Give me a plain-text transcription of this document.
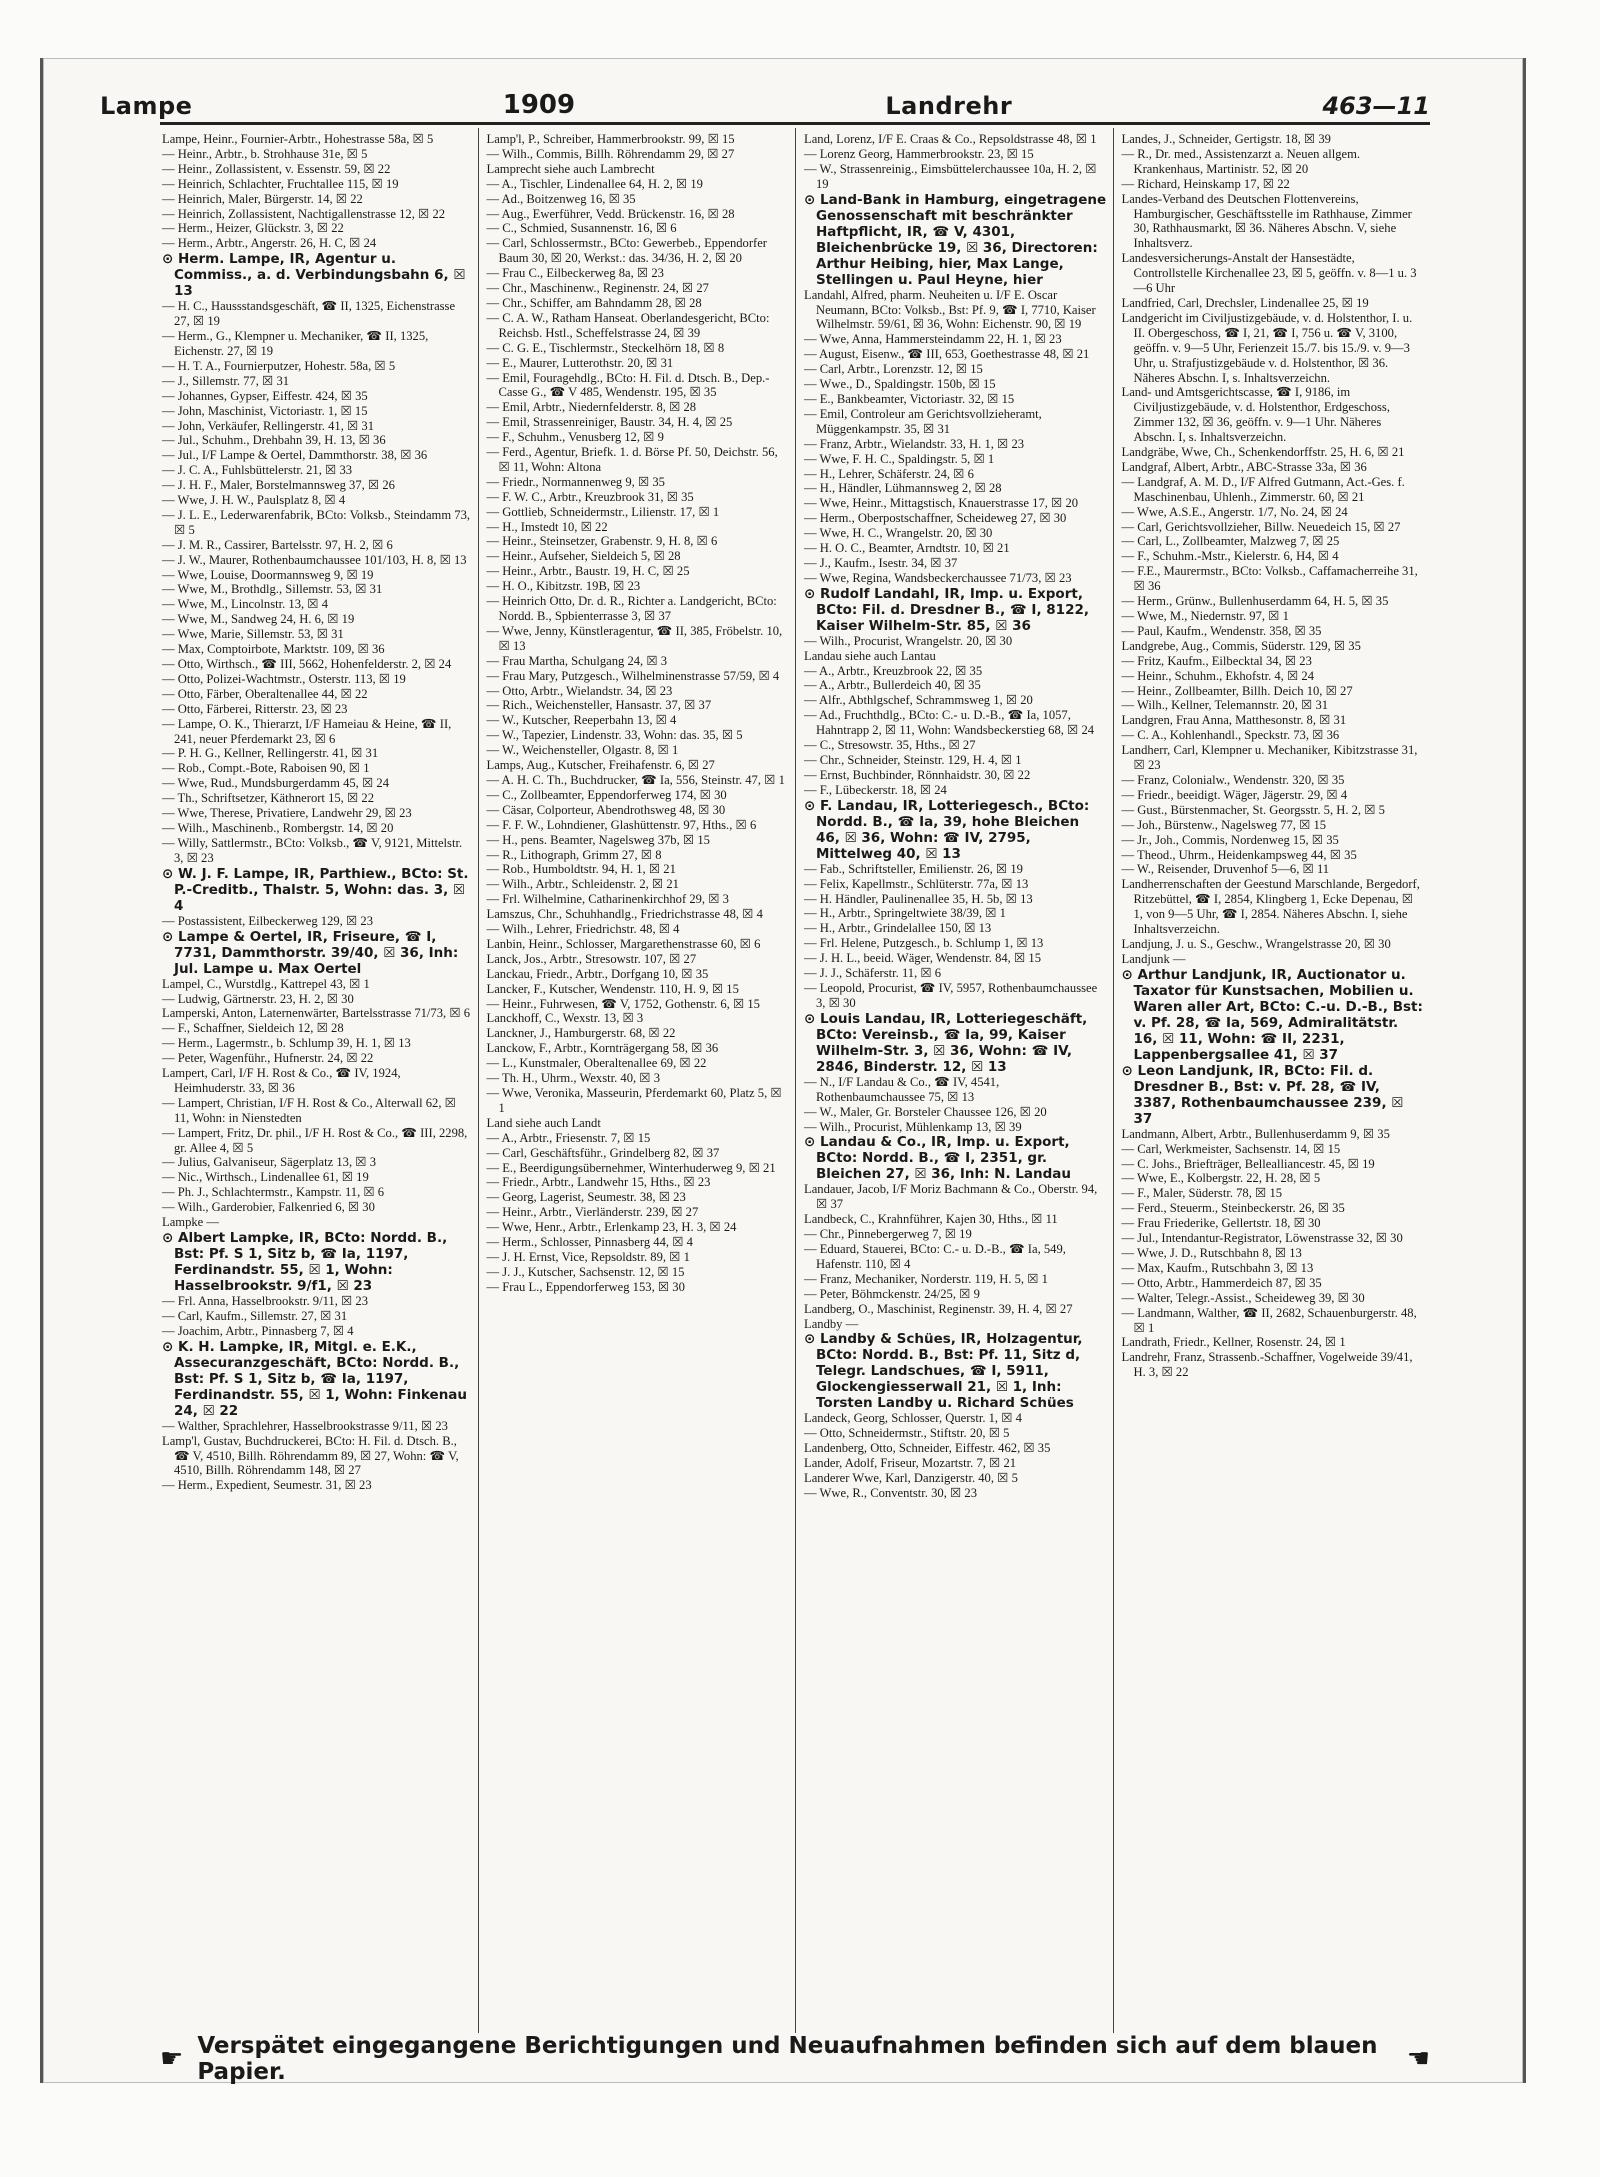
Lampe	1909	Landrehr	463—11
Lampe, Heinr., Fournier-Arbtr., Hohestrasse 58a, ☒ 5
— Heinr., Arbtr., b. Strohhause 31e, ☒ 5
— Heinr., Zollassistent, v. Essenstr. 59, ☒ 22
— Heinrich, Schlachter, Fruchtallee 115, ☒ 19
— Heinrich, Maler, Bürgerstr. 14, ☒ 22
— Heinrich, Zollassistent, Nachtigallenstrasse 12, ☒ 22
— Herm., Heizer, Glückstr. 3, ☒ 22
— Herm., Arbtr., Angerstr. 26, H. C, ☒ 24
⊙ Herm. Lampe, IR, Agentur u. Commiss., a. d. Verbindungsbahn 6, ☒ 13
— H. C., Haussstandsgeschäft, ☎ II, 1325, Eichenstrasse 27, ☒ 19
— Herm., G., Klempner u. Mechaniker, ☎ II, 1325, Eichenstr. 27, ☒ 19
— H. T. A., Fournierputzer, Hohestr. 58a, ☒ 5
— J., Sillemstr. 77, ☒ 31
— Johannes, Gypser, Eiffestr. 424, ☒ 35
— John, Maschinist, Victoriastr. 1, ☒ 15
— John, Verkäufer, Rellingerstr. 41, ☒ 31
— Jul., Schuhm., Drehbahn 39, H. 13, ☒ 36
— Jul., I/F Lampe & Oertel, Dammthorstr. 38, ☒ 36
— J. C. A., Fuhlsbüttelerstr. 21, ☒ 33
— J. H. F., Maler, Borstelmannsweg 37, ☒ 26
— Wwe, J. H. W., Paulsplatz 8, ☒ 4
— J. L. E., Lederwarenfabrik, BCto: Volksb., Steindamm 73, ☒ 5
— J. M. R., Cassirer, Bartelsstr. 97, H. 2, ☒ 6
— J. W., Maurer, Rothenbaumchaussee 101/103, H. 8, ☒ 13
— Wwe, Louise, Doormannsweg 9, ☒ 19
— Wwe, M., Brothdlg., Sillemstr. 53, ☒ 31
— Wwe, M., Lincolnstr. 13, ☒ 4
— Wwe, M., Sandweg 24, H. 6, ☒ 19
— Wwe, Marie, Sillemstr. 53, ☒ 31
— Max, Comptoirbote, Marktstr. 109, ☒ 36
— Otto, Wirthsch., ☎ III, 5662, Hohenfelderstr. 2, ☒ 24
— Otto, Polizei-Wachtmstr., Osterstr. 113, ☒ 19
— Otto, Färber, Oberaltenallee 44, ☒ 22
— Otto, Färberei, Ritterstr. 23, ☒ 23
— Lampe, O. K., Thierarzt, I/F Hameiau & Heine, ☎ II, 241, neuer Pferdemarkt 23, ☒ 6
— P. H. G., Kellner, Rellingerstr. 41, ☒ 31
— Rob., Compt.-Bote, Raboisen 90, ☒ 1
— Wwe, Rud., Mundsburgerdamm 45, ☒ 24
— Th., Schriftsetzer, Käthnerort 15, ☒ 22
— Wwe, Therese, Privatiere, Landwehr 29, ☒ 23
— Wilh., Maschinenb., Rombergstr. 14, ☒ 20
— Willy, Sattlermstr., BCto: Volksb., ☎ V, 9121, Mittelstr. 3, ☒ 23
⊙ W. J. F. Lampe, IR, Parthiew., BCto: St. P.-Creditb., Thalstr. 5, Wohn: das. 3, ☒ 4
— Postassistent, Eilbeckerweg 129, ☒ 23
⊙ Lampe & Oertel, IR, Friseure, ☎ I, 7731, Dammthorstr. 39/40, ☒ 36, Inh: Jul. Lampe u. Max Oertel
Lampel, C., Wurstdlg., Kattrepel 43, ☒ 1
— Ludwig, Gärtnerstr. 23, H. 2, ☒ 30
Lamperski, Anton, Laternenwärter, Bartelsstrasse 71/73, ☒ 6
— F., Schaffner, Sieldeich 12, ☒ 28
— Herm., Lagermstr., b. Schlump 39, H. 1, ☒ 13
— Peter, Wagenführ., Hufnerstr. 24, ☒ 22
Lampert, Carl, I/F H. Rost & Co., ☎ IV, 1924, Heimhuderstr. 33, ☒ 36
— Lampert, Christian, I/F H. Rost & Co., Alterwall 62, ☒ 11, Wohn: in Nienstedten
— Lampert, Fritz, Dr. phil., I/F H. Rost & Co., ☎ III, 2298, gr. Allee 4, ☒ 5
— Julius, Galvaniseur, Sägerplatz 13, ☒ 3
— Nic., Wirthsch., Lindenallee 61, ☒ 19
— Ph. J., Schlachtermstr., Kampstr. 11, ☒ 6
— Wilh., Garderobier, Falkenried 6, ☒ 30
Lampke —
⊙ Albert Lampke, IR, BCto: Nordd. B., Bst: Pf. S 1, Sitz b, ☎ Ia, 1197, Ferdinandstr. 55, ☒ 1, Wohn: Hasselbrookstr. 9/f1, ☒ 23
— Frl. Anna, Hasselbrookstr. 9/11, ☒ 23
— Carl, Kaufm., Sillemstr. 27, ☒ 31
— Joachim, Arbtr., Pinnasberg 7, ☒ 4
⊙ K. H. Lampke, IR, Mitgl. e. E.K., Assecuranzgeschäft, BCto: Nordd. B., Bst: Pf. S 1, Sitz b, ☎ Ia, 1197, Ferdinandstr. 55, ☒ 1, Wohn: Finkenau 24, ☒ 22
— Walther, Sprachlehrer, Hasselbrookstrasse 9/11, ☒ 23
Lamp'l, Gustav, Buchdruckerei, BCto: H. Fil. d. Dtsch. B., ☎ V, 4510, Billh. Röhrendamm 89, ☒ 27, Wohn: ☎ V, 4510, Billh. Röhrendamm 148, ☒ 27
— Herm., Expedient, Seumestr. 31, ☒ 23
Lamp'l, P., Schreiber, Hammerbrookstr. 99, ☒ 15
— Wilh., Commis, Billh. Röhrendamm 29, ☒ 27
Lamprecht siehe auch Lambrecht
— A., Tischler, Lindenallee 64, H. 2, ☒ 19
— Ad., Boitzenweg 16, ☒ 35
— Aug., Ewerführer, Vedd. Brückenstr. 16, ☒ 28
— C., Schmied, Susannenstr. 16, ☒ 6
— Carl, Schlossermstr., BCto: Gewerbeb., Eppendorfer Baum 30, ☒ 20, Werkst.: das. 34/36, H. 2, ☒ 20
— Frau C., Eilbeckerweg 8a, ☒ 23
— Chr., Maschinenw., Reginenstr. 24, ☒ 27
— Chr., Schiffer, am Bahndamm 28, ☒ 28
— C. A. W., Ratham Hanseat. Oberlandesgericht, BCto: Reichsb. Hstl., Scheffelstrasse 24, ☒ 39
— C. G. E., Tischlermstr., Steckelhörn 18, ☒ 8
— E., Maurer, Lutterothstr. 20, ☒ 31
— Emil, Fouragehdlg., BCto: H. Fil. d. Dtsch. B., Dep.-Casse G., ☎ V 485, Wendenstr. 195, ☒ 35
— Emil, Arbtr., Niedernfelderstr. 8, ☒ 28
— Emil, Strassenreiniger, Baustr. 34, H. 4, ☒ 25
— F., Schuhm., Venusberg 12, ☒ 9
— Ferd., Agentur, Briefk. 1. d. Börse Pf. 50, Deichstr. 56, ☒ 11, Wohn: Altona
— Friedr., Normannenweg 9, ☒ 35
— F. W. C., Arbtr., Kreuzbrook 31, ☒ 35
— Gottlieb, Schneidermstr., Lilienstr. 17, ☒ 1
— H., Imstedt 10, ☒ 22
— Heinr., Steinsetzer, Grabenstr. 9, H. 8, ☒ 6
— Heinr., Aufseher, Sieldeich 5, ☒ 28
— Heinr., Arbtr., Baustr. 19, H. C, ☒ 25
— H. O., Kibitzstr. 19B, ☒ 23
— Heinrich Otto, Dr. d. R., Richter a. Landgericht, BCto: Nordd. B., Spbienterrasse 3, ☒ 37
— Wwe, Jenny, Künstleragentur, ☎ II, 385, Fröbelstr. 10, ☒ 13
— Frau Martha, Schulgang 24, ☒ 3
— Frau Mary, Putzgesch., Wilhelminenstrasse 57/59, ☒ 4
— Otto, Arbtr., Wielandstr. 34, ☒ 23
— Rich., Weichensteller, Hansastr. 37, ☒ 37
— W., Kutscher, Reeperbahn 13, ☒ 4
— W., Tapezier, Lindenstr. 33, Wohn: das. 35, ☒ 5
— W., Weichensteller, Olgastr. 8, ☒ 1
Lamps, Aug., Kutscher, Freihafenstr. 6, ☒ 27
— A. H. C. Th., Buchdrucker, ☎ Ia, 556, Steinstr. 47, ☒ 1
— C., Zollbeamter, Eppendorferweg 174, ☒ 30
— Cäsar, Colporteur, Abendrothsweg 48, ☒ 30
— F. F. W., Lohndiener, Glashüttenstr. 97, Hths., ☒ 6
— H., pens. Beamter, Nagelsweg 37b, ☒ 15
— R., Lithograph, Grimm 27, ☒ 8
— Rob., Humboldtstr. 94, H. 1, ☒ 21
— Wilh., Arbtr., Schleidenstr. 2, ☒ 21
— Frl. Wilhelmine, Catharinenkirchhof 29, ☒ 3
Lamszus, Chr., Schuhhandlg., Friedrichstrasse 48, ☒ 4
— Wilh., Lehrer, Friedrichstr. 48, ☒ 4
Lanbin, Heinr., Schlosser, Margarethenstrasse 60, ☒ 6
Lanck, Jos., Arbtr., Stresowstr. 107, ☒ 27
Lanckau, Friedr., Arbtr., Dorfgang 10, ☒ 35
Lancker, F., Kutscher, Wendenstr. 110, H. 9, ☒ 15
— Heinr., Fuhrwesen, ☎ V, 1752, Gothenstr. 6, ☒ 15
Lanckhoff, C., Wexstr. 13, ☒ 3
Lanckner, J., Hamburgerstr. 68, ☒ 22
Lanckow, F., Arbtr., Kornträgergang 58, ☒ 36
— L., Kunstmaler, Oberaltenallee 69, ☒ 22
— Th. H., Uhrm., Wexstr. 40, ☒ 3
— Wwe, Veronika, Masseurin, Pferdemarkt 60, Platz 5, ☒ 1
Land siehe auch Landt
— A., Arbtr., Friesenstr. 7, ☒ 15
— Carl, Geschäftsführ., Grindelberg 82, ☒ 37
— E., Beerdigungsübernehmer, Winterhuderweg 9, ☒ 21
— Friedr., Arbtr., Landwehr 15, Hths., ☒ 23
— Georg, Lagerist, Seumestr. 38, ☒ 23
— Heinr., Arbtr., Vierländerstr. 239, ☒ 27
— Wwe, Henr., Arbtr., Erlenkamp 23, H. 3, ☒ 24
— Herm., Schlosser, Pinnasberg 44, ☒ 4
— J. H. Ernst, Vice, Repsoldstr. 89, ☒ 1
— J. J., Kutscher, Sachsenstr. 12, ☒ 15
— Frau L., Eppendorferweg 153, ☒ 30
Land, Lorenz, I/F E. Craas & Co., Repsoldstrasse 48, ☒ 1
— Lorenz Georg, Hammerbrookstr. 23, ☒ 15
— W., Strassenreinig., Eimsbüttelerchaussee 10a, H. 2, ☒ 19
⊙ Land-Bank in Hamburg, eingetragene Genossenschaft mit beschränkter Haftpflicht, IR, ☎ V, 4301, Bleichenbrücke 19, ☒ 36, Directoren: Arthur Heibing, hier, Max Lange, Stellingen u. Paul Heyne, hier
Landahl, Alfred, pharm. Neuheiten u. I/F E. Oscar Neumann, BCto: Volksb., Bst: Pf. 9, ☎ I, 7710, Kaiser Wilhelmstr. 59/61, ☒ 36, Wohn: Eichenstr. 90, ☒ 19
— Wwe, Anna, Hammersteindamm 22, H. 1, ☒ 23
— August, Eisenw., ☎ III, 653, Goethestrasse 48, ☒ 21
— Carl, Arbtr., Lorenzstr. 12, ☒ 15
— Wwe., D., Spaldingstr. 150b, ☒ 15
— E., Bankbeamter, Victoriastr. 32, ☒ 15
— Emil, Controleur am Gerichtsvollzieheramt, Müggenkampstr. 35, ☒ 31
— Franz, Arbtr., Wielandstr. 33, H. 1, ☒ 23
— Wwe, F. H. C., Spaldingstr. 5, ☒ 1
— H., Lehrer, Schäferstr. 24, ☒ 6
— H., Händler, Lühmannsweg 2, ☒ 28
— Wwe, Heinr., Mittagstisch, Knauerstrasse 17, ☒ 20
— Herm., Oberpostschaffner, Scheideweg 27, ☒ 30
— Wwe, H. C., Wrangelstr. 20, ☒ 30
— H. O. C., Beamter, Arndtstr. 10, ☒ 21
— J., Kaufm., Isestr. 34, ☒ 37
— Wwe, Regina, Wandsbeckerchaussee 71/73, ☒ 23
⊙ Rudolf Landahl, IR, Imp. u. Export, BCto: Fil. d. Dresdner B., ☎ I, 8122, Kaiser Wilhelm-Str. 85, ☒ 36
— Wilh., Procurist, Wrangelstr. 20, ☒ 30
Landau siehe auch Lantau
— A., Arbtr., Kreuzbrook 22, ☒ 35
— A., Arbtr., Bullerdeich 40, ☒ 35
— Alfr., Abthlgschef, Schrammsweg 1, ☒ 20
— Ad., Fruchthdlg., BCto: C.- u. D.-B., ☎ Ia, 1057, Hahntrapp 2, ☒ 11, Wohn: Wandsbeckerstieg 68, ☒ 24
— C., Stresowstr. 35, Hths., ☒ 27
— Chr., Schneider, Steinstr. 129, H. 4, ☒ 1
— Ernst, Buchbinder, Rönnhaidstr. 30, ☒ 22
— F., Lübeckerstr. 18, ☒ 24
⊙ F. Landau, IR, Lotteriegesch., BCto: Nordd. B., ☎ Ia, 39, hohe Bleichen 46, ☒ 36, Wohn: ☎ IV, 2795, Mittelweg 40, ☒ 13
— Fab., Schriftsteller, Emilienstr. 26, ☒ 19
— Felix, Kapellmstr., Schlüterstr. 77a, ☒ 13
— H. Händler, Paulinenallee 35, H. 5b, ☒ 13
— H., Arbtr., Springeltwiete 38/39, ☒ 1
— H., Arbtr., Grindelallee 150, ☒ 13
— Frl. Helene, Putzgesch., b. Schlump 1, ☒ 13
— J. H. L., beeid. Wäger, Wendenstr. 84, ☒ 15
— J. J., Schäferstr. 11, ☒ 6
— Leopold, Procurist, ☎ IV, 5957, Rothenbaumchaussee 3, ☒ 30
⊙ Louis Landau, IR, Lotteriegeschäft, BCto: Vereinsb., ☎ Ia, 99, Kaiser Wilhelm-Str. 3, ☒ 36, Wohn: ☎ IV, 2846, Binderstr. 12, ☒ 13
— N., I/F Landau & Co., ☎ IV, 4541, Rothenbaumchaussee 75, ☒ 13
— W., Maler, Gr. Borsteler Chaussee 126, ☒ 20
— Wilh., Procurist, Mühlenkamp 13, ☒ 39
⊙ Landau & Co., IR, Imp. u. Export, BCto: Nordd. B., ☎ I, 2351, gr. Bleichen 27, ☒ 36, Inh: N. Landau
Landauer, Jacob, I/F Moriz Bachmann & Co., Oberstr. 94, ☒ 37
Landbeck, C., Krahnführer, Kajen 30, Hths., ☒ 11
— Chr., Pinnebergerweg 7, ☒ 19
— Eduard, Stauerei, BCto: C.- u. D.-B., ☎ Ia, 549, Hafenstr. 110, ☒ 4
— Franz, Mechaniker, Norderstr. 119, H. 5, ☒ 1
— Peter, Böhmckenstr. 24/25, ☒ 9
Landberg, O., Maschinist, Reginenstr. 39, H. 4, ☒ 27
Landby —
⊙ Landby & Schües, IR, Holzagentur, BCto: Nordd. B., Bst: Pf. 11, Sitz d, Telegr. Landschues, ☎ I, 5911, Glockengiesserwall 21, ☒ 1, Inh: Torsten Landby u. Richard Schües
Landeck, Georg, Schlosser, Querstr. 1, ☒ 4
— Otto, Schneidermstr., Stiftstr. 20, ☒ 5
Landenberg, Otto, Schneider, Eiffestr. 462, ☒ 35
Lander, Adolf, Friseur, Mozartstr. 7, ☒ 21
Landerer Wwe, Karl, Danzigerstr. 40, ☒ 5
— Wwe, R., Conventstr. 30, ☒ 23
Landes, J., Schneider, Gertigstr. 18, ☒ 39
— R., Dr. med., Assistenzarzt a. Neuen allgem. Krankenhaus, Martinistr. 52, ☒ 20
— Richard, Heinskamp 17, ☒ 22
Landes-Verband des Deutschen Flottenvereins, Hamburgischer, Geschäftsstelle im Rathhause, Zimmer 30, Rathhausmarkt, ☒ 36. Näheres Abschn. V, siehe Inhaltsverz.
Landesversicherungs-Anstalt der Hansestädte, Controllstelle Kirchenallee 23, ☒ 5, geöffn. v. 8—1 u. 3—6 Uhr
Landfried, Carl, Drechsler, Lindenallee 25, ☒ 19
Landgericht im Civiljustizgebäude, v. d. Holstenthor, I. u. II. Obergeschoss, ☎ I, 21, ☎ I, 756 u. ☎ V, 3100, geöffn. v. 9—5 Uhr, Ferienzeit 15./7. bis 15./9. v. 9—3 Uhr, u. Strafjustizgebäude v. d. Holstenthor, ☒ 36. Näheres Abschn. I, s. Inhaltsverzeichn.
Land- und Amtsgerichtscasse, ☎ I, 9186, im Civiljustizgebäude, v. d. Holstenthor, Erdgeschoss, Zimmer 132, ☒ 36, geöffn. v. 9—1 Uhr. Näheres Abschn. I, s. Inhaltsverzeichn.
Landgräbe, Wwe, Ch., Schenkendorffstr. 25, H. 6, ☒ 21
Landgraf, Albert, Arbtr., ABC-Strasse 33a, ☒ 36
— Landgraf, A. M. D., I/F Alfred Gutmann, Act.-Ges. f. Maschinenbau, Uhlenh., Zimmerstr. 60, ☒ 21
— Wwe, A.S.E., Angerstr. 1/7, No. 24, ☒ 24
— Carl, Gerichtsvollzieher, Billw. Neuedeich 15, ☒ 27
— Carl, L., Zollbeamter, Malzweg 7, ☒ 25
— F., Schuhm.-Mstr., Kielerstr. 6, H4, ☒ 4
— F.E., Maurermstr., BCto: Volksb., Caffamacherreihe 31, ☒ 36
— Herm., Grünw., Bullenhuserdamm 64, H. 5, ☒ 35
— Wwe, M., Niedernstr. 97, ☒ 1
— Paul, Kaufm., Wendenstr. 358, ☒ 35
Landgrebe, Aug., Commis, Süderstr. 129, ☒ 35
— Fritz, Kaufm., Eilbecktal 34, ☒ 23
— Heinr., Schuhm., Ekhofstr. 4, ☒ 24
— Heinr., Zollbeamter, Billh. Deich 10, ☒ 27
— Wilh., Kellner, Telemannstr. 20, ☒ 31
Landgren, Frau Anna, Matthesonstr. 8, ☒ 31
— C. A., Kohlenhandl., Speckstr. 73, ☒ 36
Landherr, Carl, Klempner u. Mechaniker, Kibitzstrasse 31, ☒ 23
— Franz, Colonialw., Wendenstr. 320, ☒ 35
— Friedr., beeidigt. Wäger, Jägerstr. 29, ☒ 4
— Gust., Bürstenmacher, St. Georgsstr. 5, H. 2, ☒ 5
— Joh., Bürstenw., Nagelsweg 77, ☒ 15
— Jr., Joh., Commis, Nordenweg 15, ☒ 35
— Theod., Uhrm., Heidenkampsweg 44, ☒ 35
— W., Reisender, Druvenhof 5—6, ☒ 11
Landherrenschaften der Geestund Marschlande, Bergedorf, Ritzebüttel, ☎ I, 2854, Klingberg 1, Ecke Depenau, ☒ 1, von 9—5 Uhr, ☎ I, 2854. Näheres Abschn. I, siehe Inhaltsverzeichn.
Landjung, J. u. S., Geschw., Wrangelstrasse 20, ☒ 30
Landjunk —
⊙ Arthur Landjunk, IR, Auctionator u. Taxator für Kunstsachen, Mobilien u. Waren aller Art, BCto: C.-u. D.-B., Bst: v. Pf. 28, ☎ Ia, 569, Admiralitätstr. 16, ☒ 11, Wohn: ☎ II, 2231, Lappenbergsallee 41, ☒ 37
⊙ Leon Landjunk, IR, BCto: Fil. d. Dresdner B., Bst: v. Pf. 28, ☎ IV, 3387, Rothenbaumchaussee 239, ☒ 37
Landmann, Albert, Arbtr., Bullenhuserdamm 9, ☒ 35
— Carl, Werkmeister, Sachsenstr. 14, ☒ 15
— C. Johs., Briefträger, Bellealliancestr. 45, ☒ 19
— Wwe, E., Kolbergstr. 22, H. 28, ☒ 5
— F., Maler, Süderstr. 78, ☒ 15
— Ferd., Steuerm., Steinbeckerstr. 26, ☒ 35
— Frau Friederike, Gellertstr. 18, ☒ 30
— Jul., Intendantur-Registrator, Löwenstrasse 32, ☒ 30
— Wwe, J. D., Rutschbahn 8, ☒ 13
— Max, Kaufm., Rutschbahn 3, ☒ 13
— Otto, Arbtr., Hammerdeich 87, ☒ 35
— Walter, Telegr.-Assist., Scheideweg 39, ☒ 30
— Landmann, Walther, ☎ II, 2682, Schauenburgerstr. 48, ☒ 1
Landrath, Friedr., Kellner, Rosenstr. 24, ☒ 1
Landrehr, Franz, Strassenb.-Schaffner, Vogelweide 39/41, H. 3, ☒ 22
☛ Verspätet eingegangene Berichtigungen und Neuaufnahmen befinden sich auf dem blauen Papier.	☚
